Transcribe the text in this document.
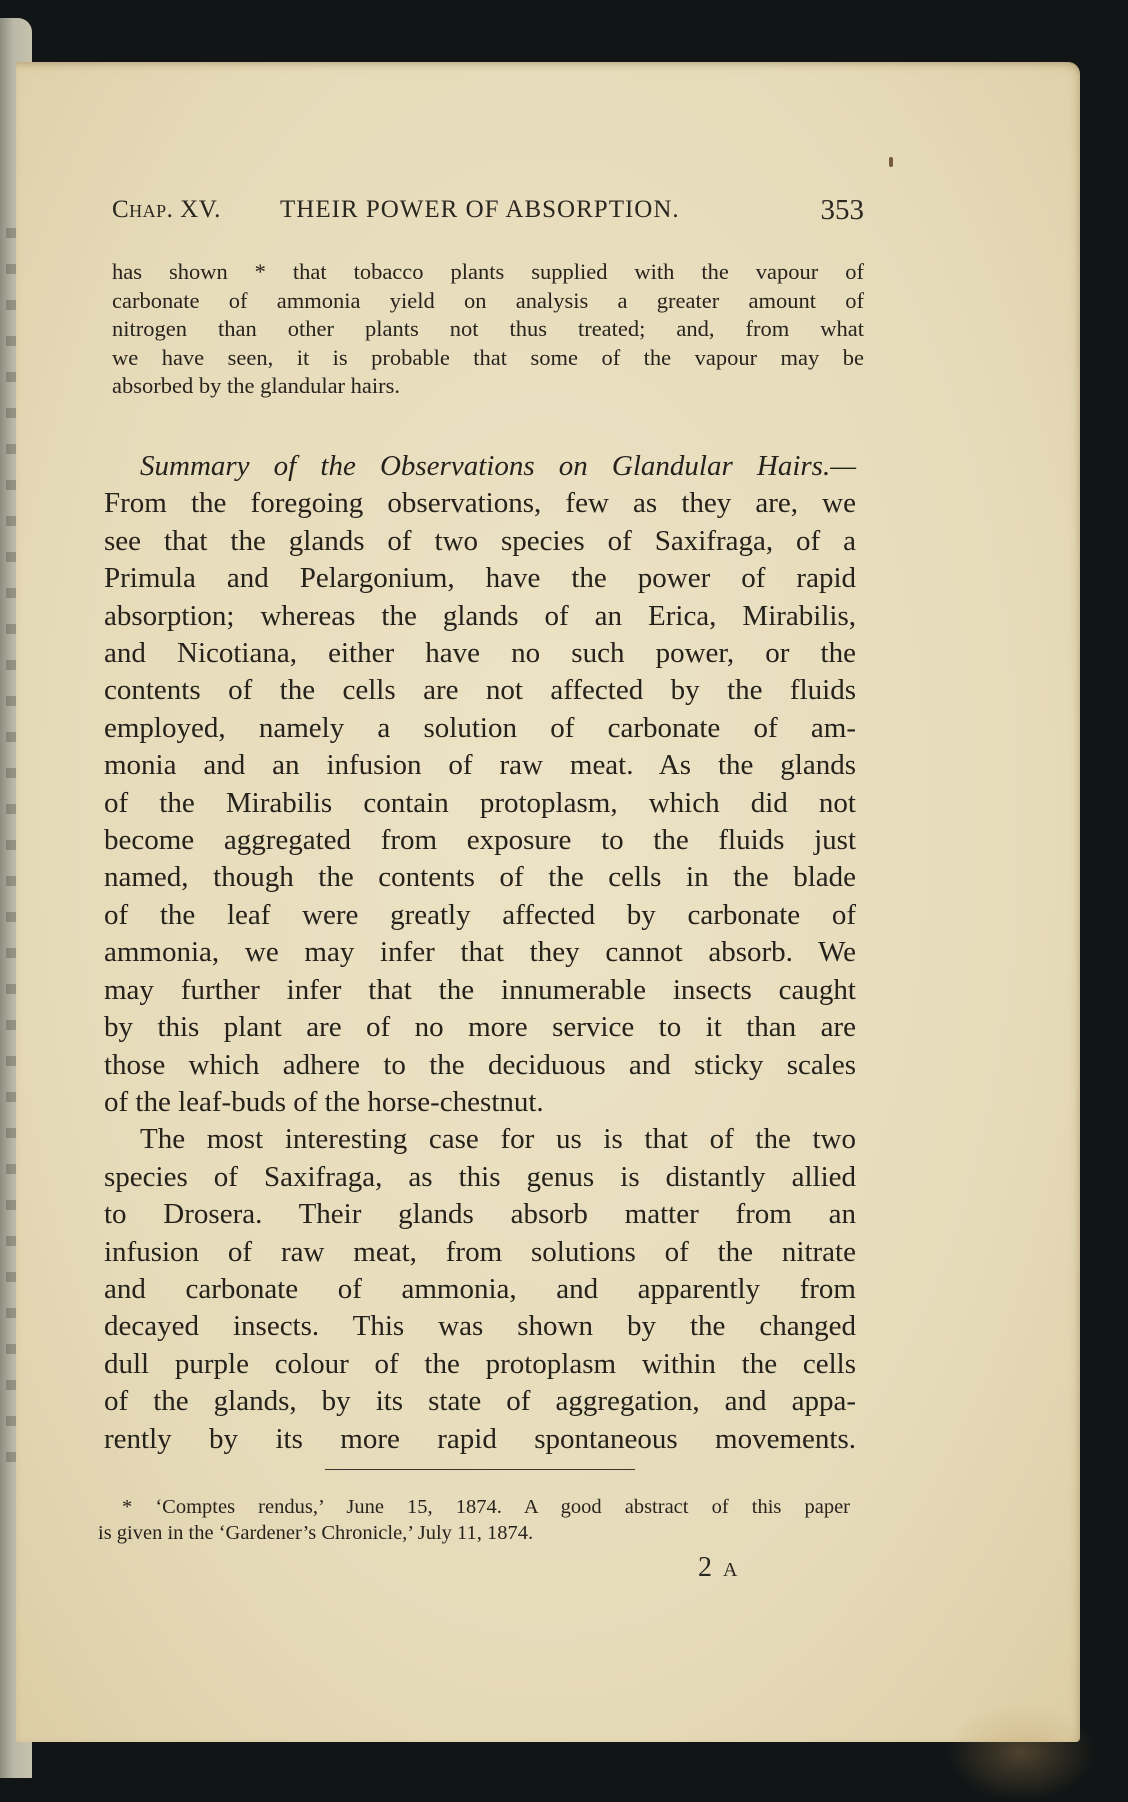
Chap. XV. THEIR POWER OF ABSORPTION.	353
has shown * that tobacco plants supplied with the vapour of
carbonate of ammonia yield on analysis a greater amount of
nitrogen than other plants not thus treated; and, from what
we have seen, it is probable that some of the vapour may be
absorbed by the glandular hairs.
Summary of the Observations on Glandular Hairs.—
From the foregoing observations, few as they are, we
see that the glands of two species of Saxifraga, of a
Primula and Pelargonium, have the power of rapid
absorption; whereas the glands of an Erica, Mirabilis,
and Nicotiana, either have no such power, or the
contents of the cells are not affected by the fluids
employed, namely a solution of carbonate of am-
monia and an infusion of raw meat. As the glands
of the Mirabilis contain protoplasm, which did not
become aggregated from exposure to the fluids just
named, though the contents of the cells in the blade
of the leaf were greatly affected by carbonate of
ammonia, we may infer that they cannot absorb. We
may further infer that the innumerable insects caught
by this plant are of no more service to it than are
those which adhere to the deciduous and sticky scales
of the leaf-buds of the horse-chestnut.
The most interesting case for us is that of the two
species of Saxifraga, as this genus is distantly allied
to Drosera. Their glands absorb matter from an
infusion of raw meat, from solutions of the nitrate
and carbonate of ammonia, and apparently from
decayed insects. This was shown by the changed
dull purple colour of the protoplasm within the cells
of the glands, by its state of aggregation, and appa-
rently by its more rapid spontaneous movements.
* ‘Comptes rendus,’ June 15, 1874. A good abstract of this paper
is given in the ‘Gardener’s Chronicle,’ July 11, 1874.
2 A
